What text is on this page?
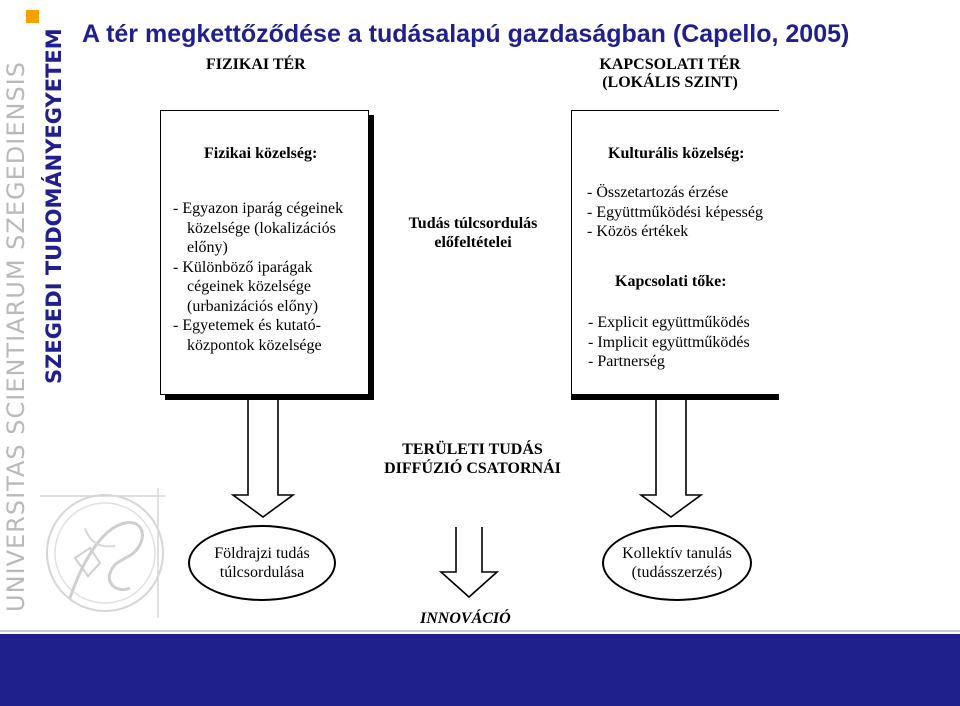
UNIVERSITAS SCIENTIARUM SZEGEDIENSIS SZEGEDI TUDOMÁNYEGYETEM A tér megkettőződése a tudásalapú gazdaságban (Capello, 2005)
FIZIKAI TÉR	KAPCSOLATI TÉR
(LOKÁLIS SZINT)
Fizikai közelség:
- Egyazon iparág cégeinek
közelsége (lokalizációs
előny)
- Különböző iparágak
cégeinek közelsége
(urbanizációs előny)
- Egyetemek és kutató-
központok közelsége
Tudás túlcsordulás
előfeltételei
Kulturális közelség:
- Összetartozás érzése
- Együttműködési képesség
- Közös értékek
Kapcsolati tőke:
- Explicit együttműködés
- Implicit együttműködés
- Partnerség
TERÜLETI TUDÁS
DIFFÚZIÓ CSATORNÁI
Földrajzi tudás
túlcsordulása
Kollektív tanulás
(tudásszerzés)
INNOVÁCIÓ
